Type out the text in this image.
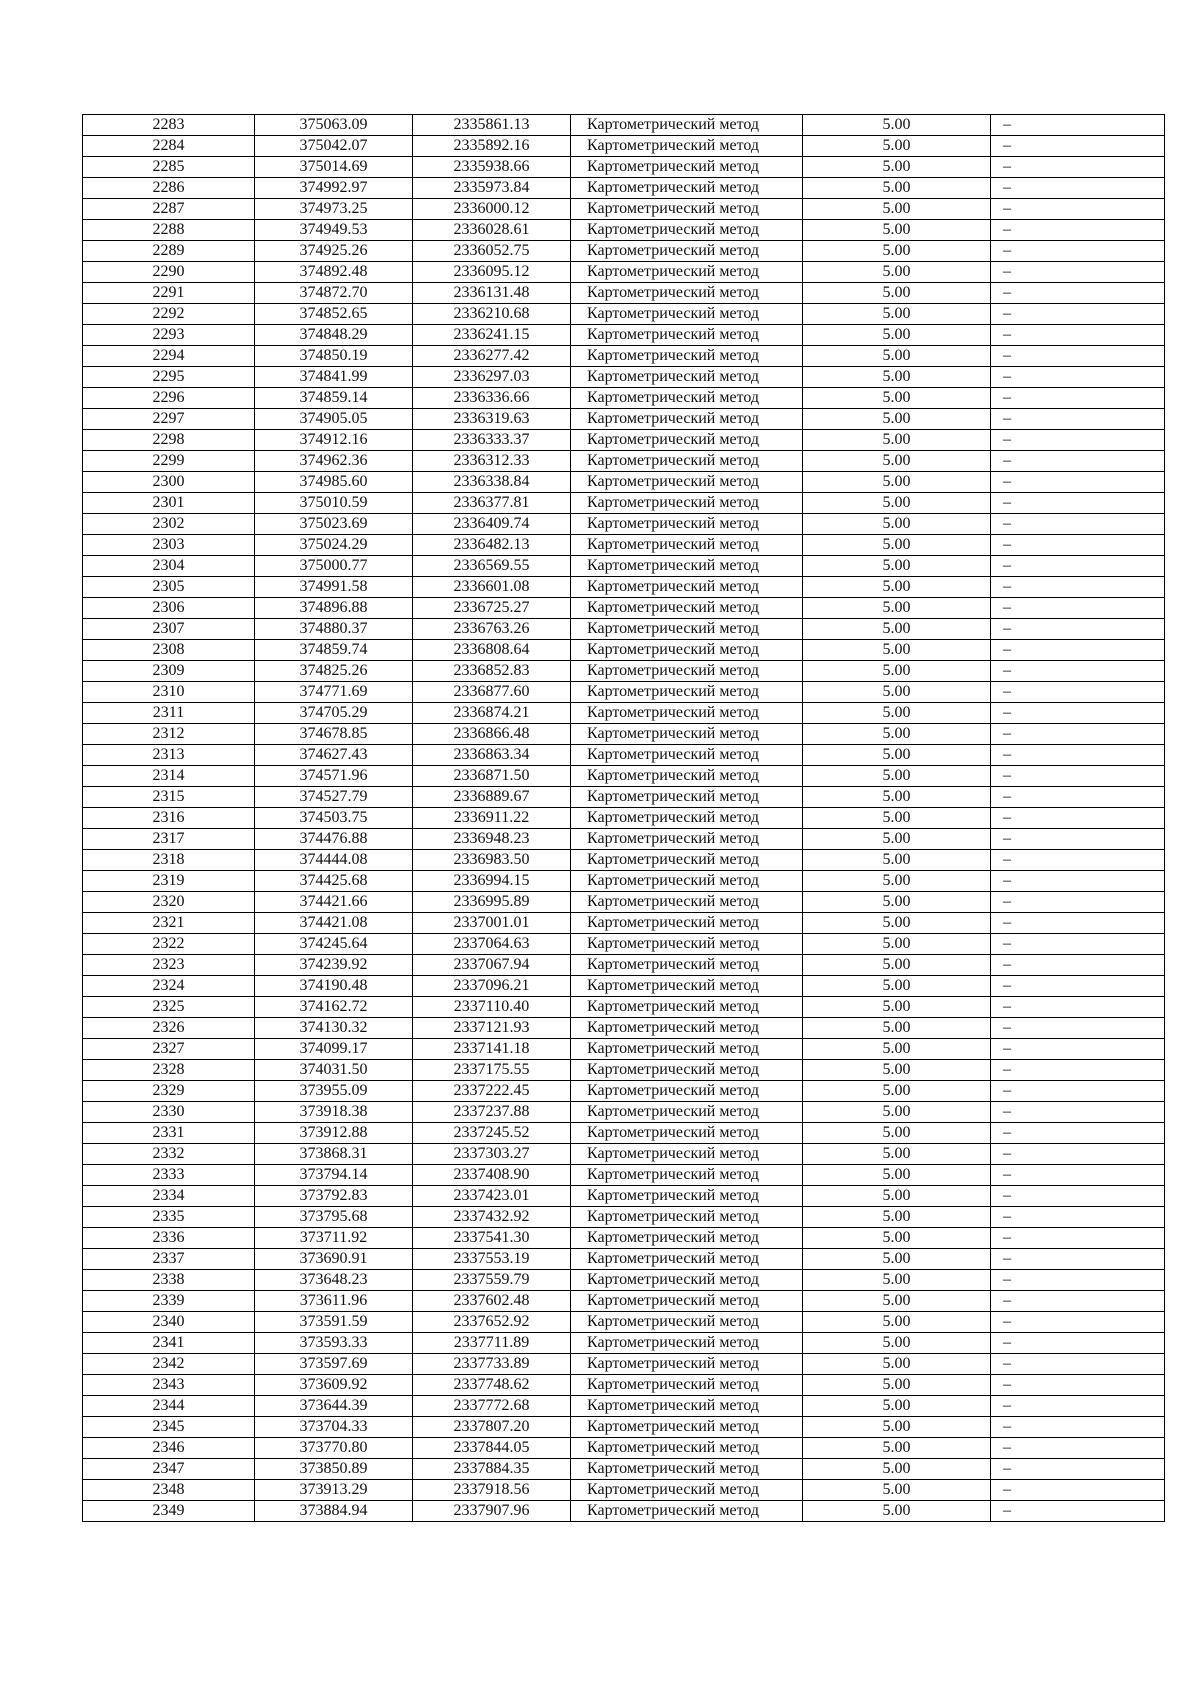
2283	375063.09	2335861.13	Картометрический метод	5.00	–
2284	375042.07	2335892.16	Картометрический метод	5.00	–
2285	375014.69	2335938.66	Картометрический метод	5.00	–
2286	374992.97	2335973.84	Картометрический метод	5.00	–
2287	374973.25	2336000.12	Картометрический метод	5.00	–
2288	374949.53	2336028.61	Картометрический метод	5.00	–
2289	374925.26	2336052.75	Картометрический метод	5.00	–
2290	374892.48	2336095.12	Картометрический метод	5.00	–
2291	374872.70	2336131.48	Картометрический метод	5.00	–
2292	374852.65	2336210.68	Картометрический метод	5.00	–
2293	374848.29	2336241.15	Картометрический метод	5.00	–
2294	374850.19	2336277.42	Картометрический метод	5.00	–
2295	374841.99	2336297.03	Картометрический метод	5.00	–
2296	374859.14	2336336.66	Картометрический метод	5.00	–
2297	374905.05	2336319.63	Картометрический метод	5.00	–
2298	374912.16	2336333.37	Картометрический метод	5.00	–
2299	374962.36	2336312.33	Картометрический метод	5.00	–
2300	374985.60	2336338.84	Картометрический метод	5.00	–
2301	375010.59	2336377.81	Картометрический метод	5.00	–
2302	375023.69	2336409.74	Картометрический метод	5.00	–
2303	375024.29	2336482.13	Картометрический метод	5.00	–
2304	375000.77	2336569.55	Картометрический метод	5.00	–
2305	374991.58	2336601.08	Картометрический метод	5.00	–
2306	374896.88	2336725.27	Картометрический метод	5.00	–
2307	374880.37	2336763.26	Картометрический метод	5.00	–
2308	374859.74	2336808.64	Картометрический метод	5.00	–
2309	374825.26	2336852.83	Картометрический метод	5.00	–
2310	374771.69	2336877.60	Картометрический метод	5.00	–
2311	374705.29	2336874.21	Картометрический метод	5.00	–
2312	374678.85	2336866.48	Картометрический метод	5.00	–
2313	374627.43	2336863.34	Картометрический метод	5.00	–
2314	374571.96	2336871.50	Картометрический метод	5.00	–
2315	374527.79	2336889.67	Картометрический метод	5.00	–
2316	374503.75	2336911.22	Картометрический метод	5.00	–
2317	374476.88	2336948.23	Картометрический метод	5.00	–
2318	374444.08	2336983.50	Картометрический метод	5.00	–
2319	374425.68	2336994.15	Картометрический метод	5.00	–
2320	374421.66	2336995.89	Картометрический метод	5.00	–
2321	374421.08	2337001.01	Картометрический метод	5.00	–
2322	374245.64	2337064.63	Картометрический метод	5.00	–
2323	374239.92	2337067.94	Картометрический метод	5.00	–
2324	374190.48	2337096.21	Картометрический метод	5.00	–
2325	374162.72	2337110.40	Картометрический метод	5.00	–
2326	374130.32	2337121.93	Картометрический метод	5.00	–
2327	374099.17	2337141.18	Картометрический метод	5.00	–
2328	374031.50	2337175.55	Картометрический метод	5.00	–
2329	373955.09	2337222.45	Картометрический метод	5.00	–
2330	373918.38	2337237.88	Картометрический метод	5.00	–
2331	373912.88	2337245.52	Картометрический метод	5.00	–
2332	373868.31	2337303.27	Картометрический метод	5.00	–
2333	373794.14	2337408.90	Картометрический метод	5.00	–
2334	373792.83	2337423.01	Картометрический метод	5.00	–
2335	373795.68	2337432.92	Картометрический метод	5.00	–
2336	373711.92	2337541.30	Картометрический метод	5.00	–
2337	373690.91	2337553.19	Картометрический метод	5.00	–
2338	373648.23	2337559.79	Картометрический метод	5.00	–
2339	373611.96	2337602.48	Картометрический метод	5.00	–
2340	373591.59	2337652.92	Картометрический метод	5.00	–
2341	373593.33	2337711.89	Картометрический метод	5.00	–
2342	373597.69	2337733.89	Картометрический метод	5.00	–
2343	373609.92	2337748.62	Картометрический метод	5.00	–
2344	373644.39	2337772.68	Картометрический метод	5.00	–
2345	373704.33	2337807.20	Картометрический метод	5.00	–
2346	373770.80	2337844.05	Картометрический метод	5.00	–
2347	373850.89	2337884.35	Картометрический метод	5.00	–
2348	373913.29	2337918.56	Картометрический метод	5.00	–
2349	373884.94	2337907.96	Картометрический метод	5.00	–
